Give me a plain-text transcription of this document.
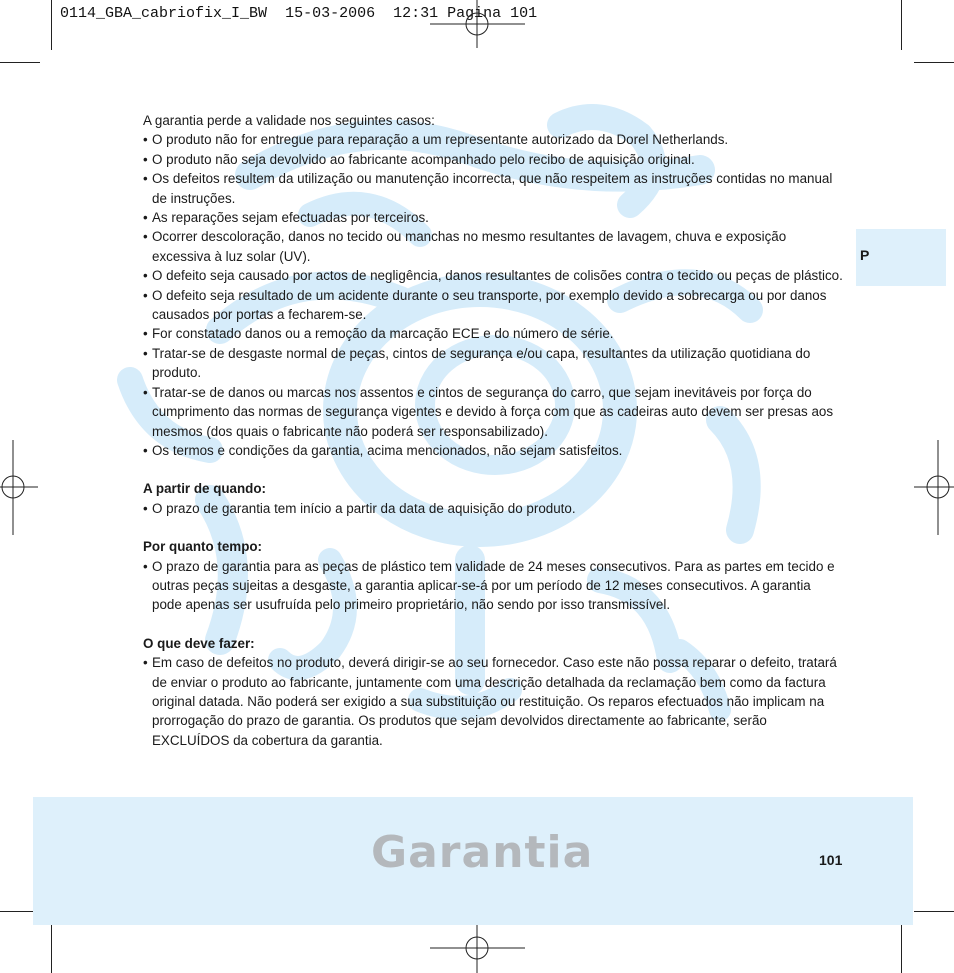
0114_GBA_cabriofix_I_BW 15-03-2006 12:31 Pagina 101
P

A garantia perde a validade nos seguintes casos:

• O produto não for entregue para reparação a um representante autorizado da Dorel Netherlands.
• O produto não seja devolvido ao fabricante acompanhado pelo recibo de aquisição original.
• Os defeitos resultem da utilização ou manutenção incorrecta, que não respeitem as instruções contidas no manual de instruções.
• As reparações sejam efectuadas por terceiros.
• Ocorrer descoloração, danos no tecido ou manchas no mesmo resultantes de lavagem, chuva e exposição excessiva à luz solar (UV).
• O defeito seja causado por actos de negligência, danos resultantes de colisões contra o tecido ou peças de plástico.
• O defeito seja resultado de um acidente durante o seu transporte, por exemplo devido a sobrecarga ou por danos causados por portas a fecharem-se.
• For constatado danos ou a remoção da marcação ECE e do número de série.
• Tratar-se de desgaste normal de peças, cintos de segurança e/ou capa, resultantes da utilização quotidiana do produto.
• Tratar-se de danos ou marcas nos assentos e cintos de segurança do carro, que sejam inevitáveis por força do cumprimento das normas de segurança vigentes e devido à força com que as cadeiras auto devem ser presas aos mesmos (dos quais o fabricante não poderá ser responsabilizado).
• Os termos e condições da garantia, acima mencionados, não sejam satisfeitos.

A partir de quando:

• O prazo de garantia tem início a partir da data de aquisição do produto.

Por quanto tempo:

• O prazo de garantia para as peças de plástico tem validade de 24 meses consecutivos. Para as partes em tecido e outras peças sujeitas a desgaste, a garantia aplicar-se-á por um período de 12 meses consecutivos. A garantia pode apenas ser usufruída pelo primeiro proprietário, não sendo por isso transmissível.

O que deve fazer:

• Em caso de defeitos no produto, deverá dirigir-se ao seu fornecedor. Caso este não possa reparar o defeito, tratará de enviar o produto ao fabricante, juntamente com uma descrição detalhada da reclamação bem como da factura original datada. Não poderá ser exigido a sua substituição ou restituição. Os reparos efectuados não implicam na prorrogação do prazo de garantia. Os produtos que sejam devolvidos directamente ao fabricante, serão EXCLUÍDOS da cobertura da garantia.
Garantia	101
